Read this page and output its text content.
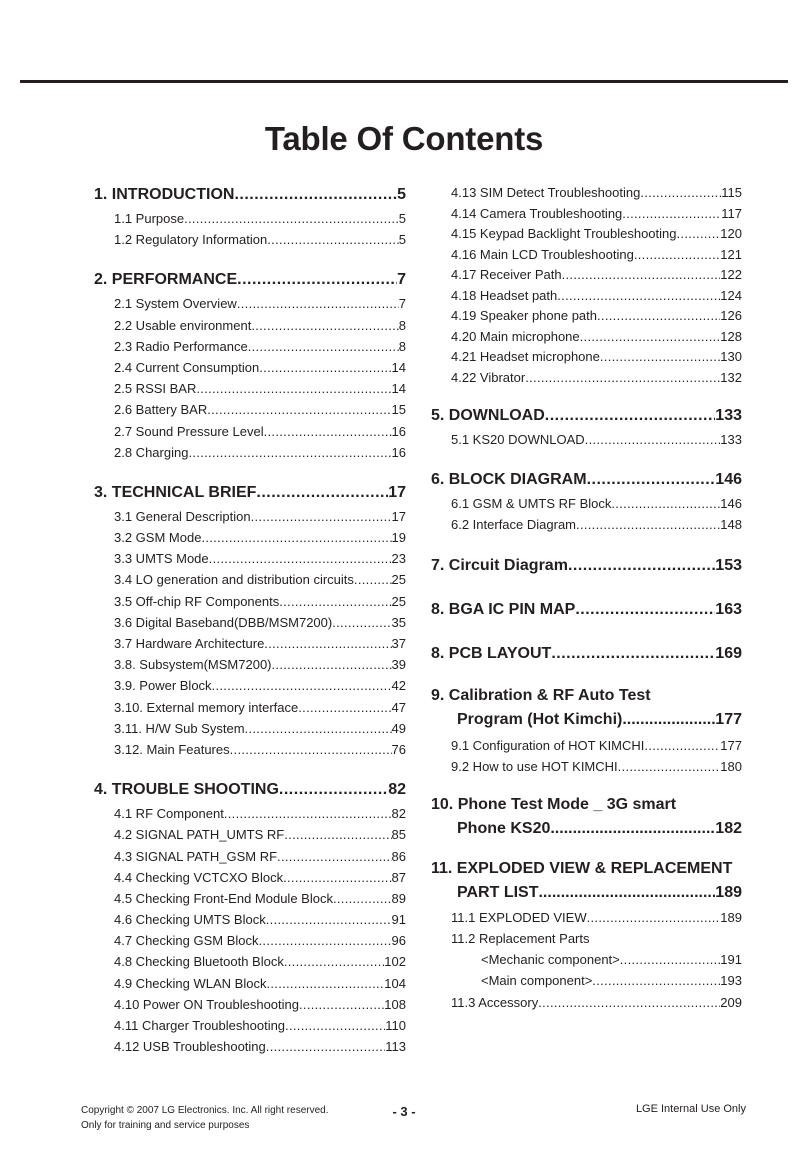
Table Of Contents
1. INTRODUCTION .....	5
1.1 Purpose .....	5
1.2 Regulatory Information .....	5
2. PERFORMANCE .....	7
2.1 System Overview .....	7
2.2 Usable environment .....	8
2.3 Radio Performance .....	8
2.4 Current Consumption .....	14
2.5 RSSI BAR .....	14
2.6 Battery BAR .....	15
2.7 Sound Pressure Level .....	16
2.8 Charging .....	16
3. TECHNICAL BRIEF .....	17
3.1 General Description .....	17
3.2 GSM Mode .....	19
3.3 UMTS Mode .....	23
3.4 LO generation and distribution circuits .....	25
3.5 Off-chip RF Components .....	25
3.6 Digital Baseband(DBB/MSM7200) .....	35
3.7 Hardware Architecture .....	37
3.8. Subsystem(MSM7200) .....	39
3.9. Power Block .....	42
3.10. External memory interface .....	47
3.11. H/W Sub System .....	49
3.12. Main Features .....	76
4. TROUBLE SHOOTING .....	82
4.1 RF Component .....	82
4.2 SIGNAL PATH_UMTS RF .....	85
4.3 SIGNAL PATH_GSM RF .....	86
4.4 Checking VCTCXO Block .....	87
4.5 Checking Front-End Module Block .....	89
4.6 Checking UMTS Block .....	91
4.7 Checking GSM Block .....	96
4.8 Checking Bluetooth Block .....	102
4.9 Checking WLAN Block .....	104
4.10 Power ON Troubleshooting .....	108
4.11 Charger Troubleshooting .....	110
4.12 USB Troubleshooting .....	113
4.13 SIM Detect Troubleshooting .....	115
4.14 Camera Troubleshooting .....	117
4.15 Keypad Backlight Troubleshooting .....	120
4.16 Main LCD Troubleshooting .....	121
4.17 Receiver Path .....	122
4.18 Headset path .....	124
4.19 Speaker phone path .....	126
4.20 Main microphone .....	128
4.21 Headset microphone .....	130
4.22 Vibrator .....	132
5. DOWNLOAD .....	133
5.1 KS20 DOWNLOAD .....	133
6. BLOCK DIAGRAM .....	146
6.1 GSM & UMTS RF Block .....	146
6.2 Interface Diagram .....	148
7. Circuit Diagram .....	153
8. BGA IC PIN MAP .....	163
8. PCB LAYOUT .....	169
9. Calibration & RF Auto Test
Program (Hot Kimchi) .....	177
9.1 Configuration of HOT KIMCHI .....	177
9.2 How to use HOT KIMCHI .....	180
10. Phone Test Mode _ 3G smart
Phone KS20 .....	182
11. EXPLODED VIEW & REPLACEMENT
PART LIST .....	189
11.1 EXPLODED VIEW .....	189
11.2 Replacement Parts
<Mechanic component> .....	191
<Main component> .....	193
11.3 Accessory .....	209
Copyright © 2007 LG Electronics. Inc. All right reserved.
Only for training and service purposes
- 3 -	LGE Internal Use Only
